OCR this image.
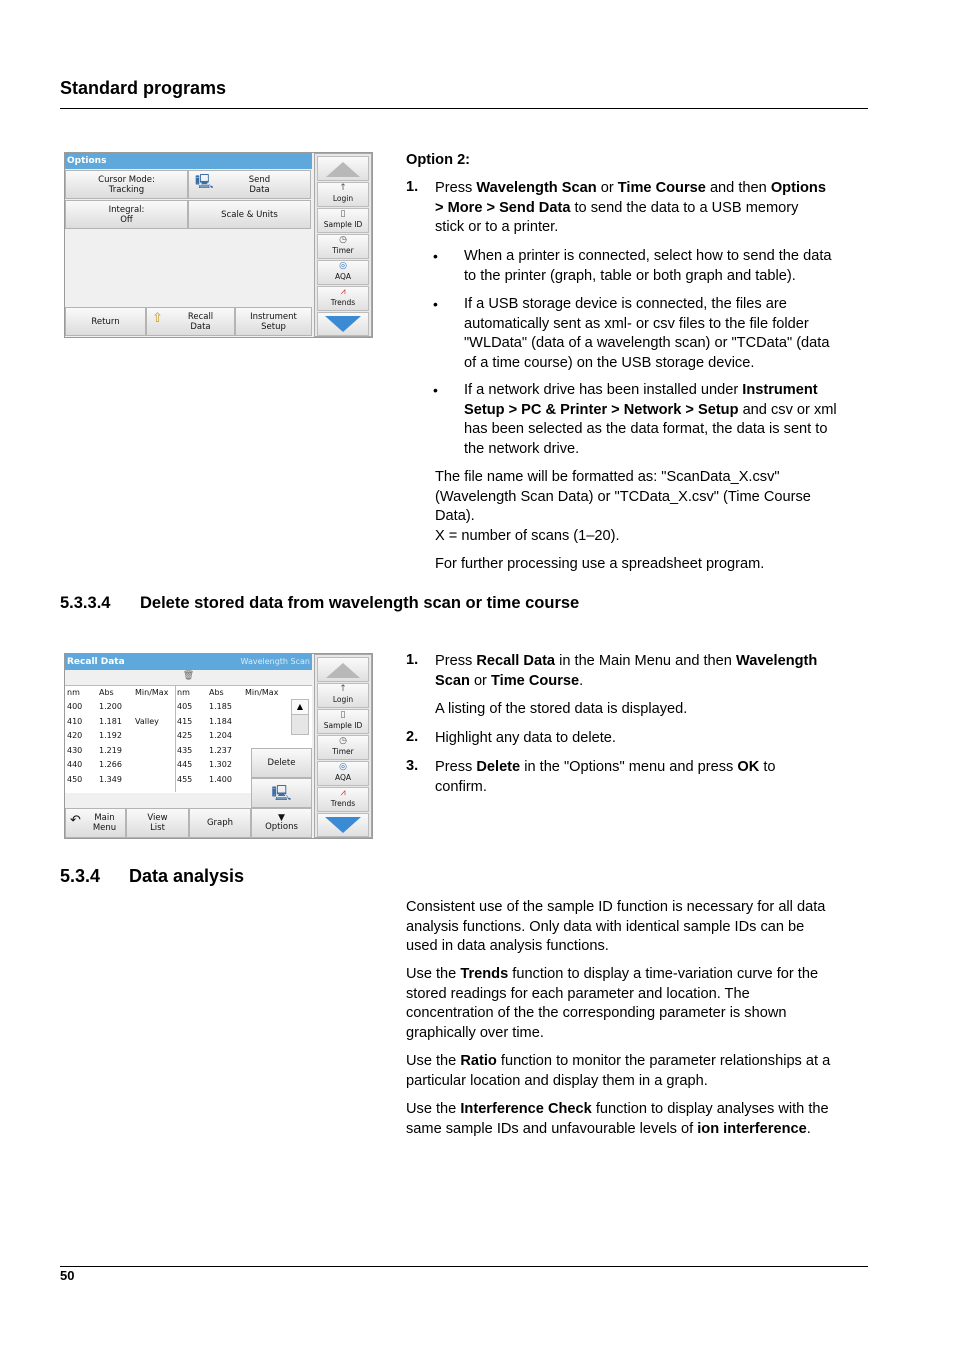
Standard programs
Options
Cursor Mode:
Tracking	🖳	Send
Data
Integral:
Off	Scale & Units
Return ⇧	Recall
Data
Instrument
Setup
↑
Login
▯
Sample ID
◷
Timer
◎
AQA
⩘
Trends
Option 2:
1. Press Wavelength Scan or Time Course and then Options
> More > Send Data to send the data to a USB memory
stick or to a printer.
• When a printer is connected, select how to send the data
to the printer (graph, table or both graph and table).
• If a USB storage device is connected, the files are
automatically sent as xml- or csv files to the file folder
"WLData" (data of a wavelength scan) or "TCData" (data
of a time course) on the USB storage device.
• If a network drive has been installed under Instrument
Setup > PC & Printer > Network > Setup and csv or xml
has been selected as the data format, the data is sent to
the network drive.
The file name will be formatted as: "ScanData_X.csv"
(Wavelength Scan Data) or "TCData_X.csv" (Time Course
Data).
X = number of scans (1–20).
For further processing use a spreadsheet program.
5.3.3.4 Delete stored data from wavelength scan or time course
Recall Data	Wavelength Scan
🗑
nm	Abs	Min/Max	nm	Abs	Min/Max
400	1.200		405	1.185	
410	1.181	Valley	415	1.184	
420	1.192		425	1.204	
430	1.219		435	1.237	
440	1.266		445	1.302	
450	1.349		455	1.400	
▲
Delete
🖳
↶	Main
Menu
View
List	Graph	▼
Options
↑
Login
▯
Sample ID
◷
Timer
◎
AQA
⩘
Trends
1. Press Recall Data in the Main Menu and then Wavelength
Scan or Time Course.
A listing of the stored data is displayed.
2. Highlight any data to delete.
3. Press Delete in the "Options" menu and press OK to
confirm.
5.3.4 Data analysis
Consistent use of the sample ID function is necessary for all data
analysis functions. Only data with identical sample IDs can be
used in data analysis functions.
Use the Trends function to display a time-variation curve for the
stored readings for each parameter and location. The
concentration of the the corresponding parameter is shown
graphically over time.
Use the Ratio function to monitor the parameter relationships at a
particular location and display them in a graph.
Use the Interference Check function to display analyses with the
same sample IDs and unfavourable levels of ion interference.
50
